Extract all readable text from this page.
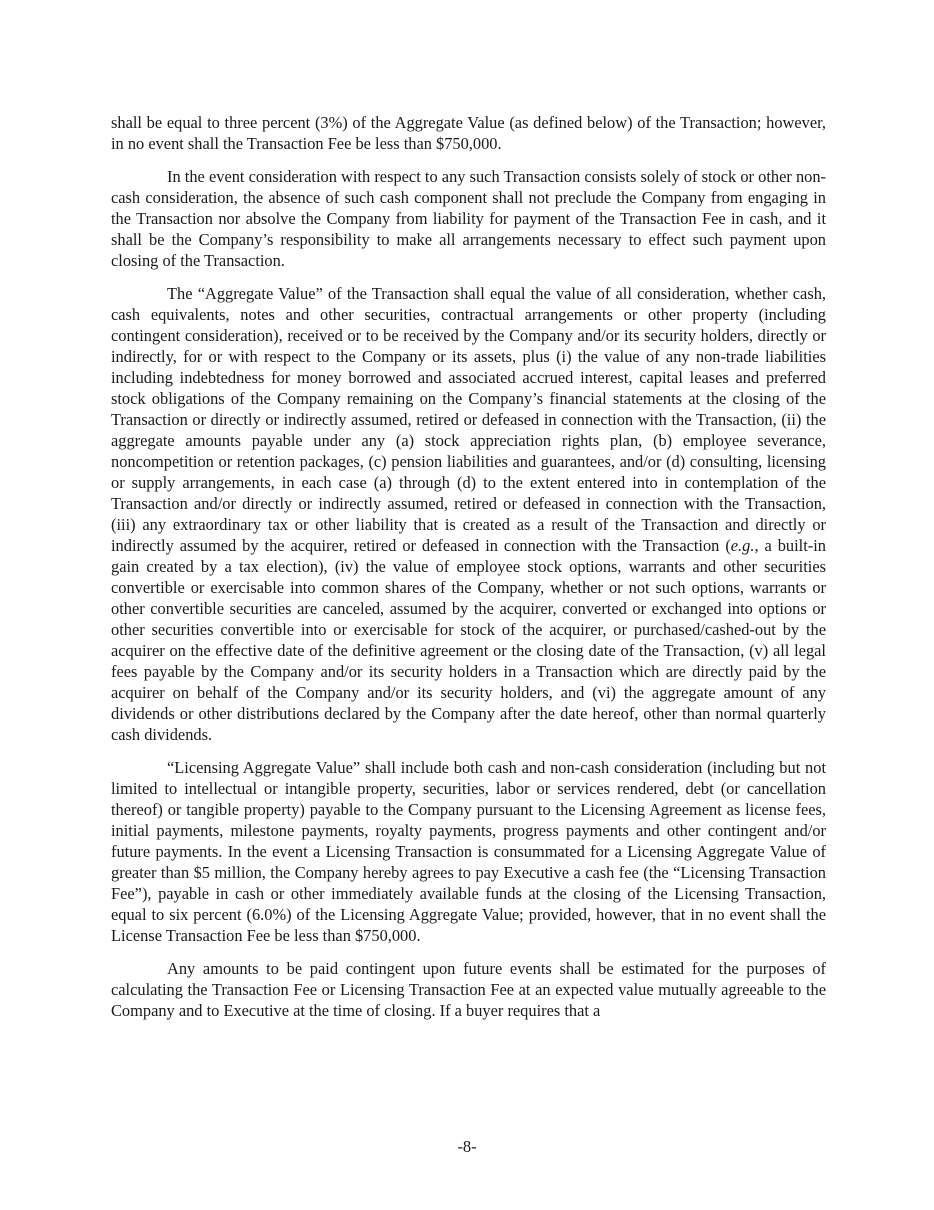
shall be equal to three percent (3%) of the Aggregate Value (as defined below) of the Transaction; however, in no event shall the Transaction Fee be less than $750,000.

In the event consideration with respect to any such Transaction consists solely of stock or other non-cash consideration, the absence of such cash component shall not preclude the Company from engaging in the Transaction nor absolve the Company from liability for payment of the Transaction Fee in cash, and it shall be the Company’s responsibility to make all arrangements necessary to effect such payment upon closing of the Transaction.

The “Aggregate Value” of the Transaction shall equal the value of all consideration, whether cash, cash equivalents, notes and other securities, contractual arrangements or other property (including contingent consideration), received or to be received by the Company and/or its security holders, directly or indirectly, for or with respect to the Company or its assets, plus (i) the value of any non-trade liabilities including indebtedness for money borrowed and associated accrued interest, capital leases and preferred stock obligations of the Company remaining on the Company’s financial statements at the closing of the Transaction or directly or indirectly assumed, retired or defeased in connection with the Transaction, (ii) the aggregate amounts payable under any (a) stock appreciation rights plan, (b) employee severance, noncompetition or retention packages, (c) pension liabilities and guarantees, and/or (d) consulting, licensing or supply arrangements, in each case (a) through (d) to the extent entered into in contemplation of the Transaction and/or directly or indirectly assumed, retired or defeased in connection with the Transaction, (iii) any extraordinary tax or other liability that is created as a result of the Transaction and directly or indirectly assumed by the acquirer, retired or defeased in connection with the Transaction (e.g., a built-in gain created by a tax election), (iv) the value of employee stock options, warrants and other securities convertible or exercisable into common shares of the Company, whether or not such options, warrants or other convertible securities are canceled, assumed by the acquirer, converted or exchanged into options or other securities convertible into or exercisable for stock of the acquirer, or purchased/cashed-out by the acquirer on the effective date of the definitive agreement or the closing date of the Transaction, (v) all legal fees payable by the Company and/or its security holders in a Transaction which are directly paid by the acquirer on behalf of the Company and/or its security holders, and (vi) the aggregate amount of any dividends or other distributions declared by the Company after the date hereof, other than normal quarterly cash dividends.

“Licensing Aggregate Value” shall include both cash and non-cash consideration (including but not limited to intellectual or intangible property, securities, labor or services rendered, debt (or cancellation thereof) or tangible property) payable to the Company pursuant to the Licensing Agreement as license fees, initial payments, milestone payments, royalty payments, progress payments and other contingent and/or future payments. In the event a Licensing Transaction is consummated for a Licensing Aggregate Value of greater than $5 million, the Company hereby agrees to pay Executive a cash fee (the “Licensing Transaction Fee”), payable in cash or other immediately available funds at the closing of the Licensing Transaction, equal to six percent (6.0%) of the Licensing Aggregate Value; provided, however, that in no event shall the License Transaction Fee be less than $750,000.

Any amounts to be paid contingent upon future events shall be estimated for the purposes of calculating the Transaction Fee or Licensing Transaction Fee at an expected value mutually agreeable to the Company and to Executive at the time of closing. If a buyer requires that a

-8-
